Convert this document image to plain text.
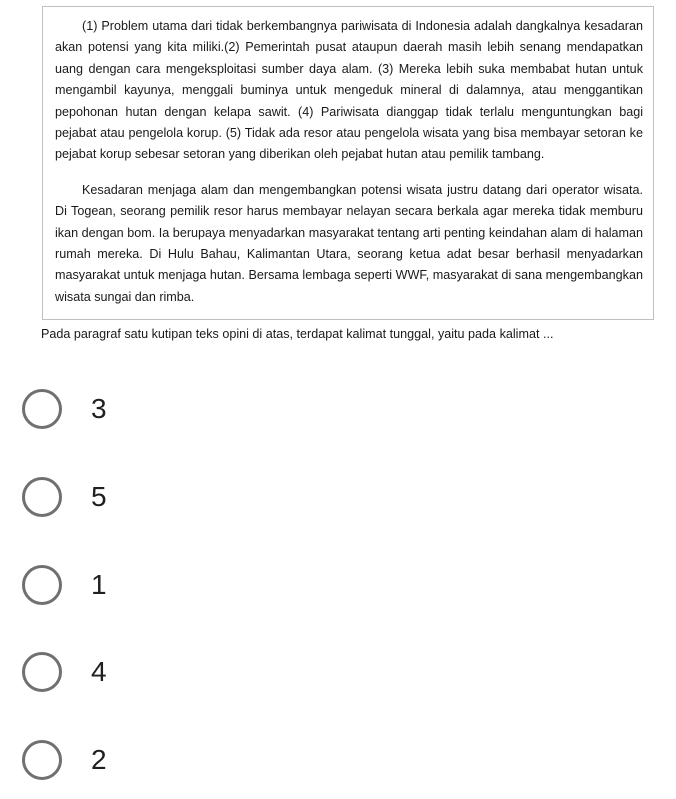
(1) Problem utama dari tidak berkembangnya pariwisata di Indonesia adalah dangkalnya kesadaran akan potensi yang kita miliki.(2) Pemerintah pusat ataupun daerah masih lebih senang mendapatkan uang dengan cara mengeksploitasi sumber daya alam. (3) Mereka lebih suka membabat hutan untuk mengambil kayunya, menggali buminya untuk mengeduk mineral di dalamnya, atau menggantikan pepohonan hutan dengan kelapa sawit. (4) Pariwisata dianggap tidak terlalu menguntungkan bagi pejabat atau pengelola korup. (5) Tidak ada resor atau pengelola wisata yang bisa membayar setoran ke pejabat korup sebesar setoran yang diberikan oleh pejabat hutan atau pemilik tambang.

Kesadaran menjaga alam dan mengembangkan potensi wisata justru datang dari operator wisata. Di Togean, seorang pemilik resor harus membayar nelayan secara berkala agar mereka tidak memburu ikan dengan bom. Ia berupaya menyadarkan masyarakat tentang arti penting keindahan alam di halaman rumah mereka. Di Hulu Bahau, Kalimantan Utara, seorang ketua adat besar berhasil menyadarkan masyarakat untuk menjaga hutan. Bersama lembaga seperti WWF, masyarakat di sana mengembangkan wisata sungai dan rimba.

Pada paragraf satu kutipan teks opini di atas, terdapat kalimat tunggal, yaitu pada kalimat ...
3
5
1
4
2
